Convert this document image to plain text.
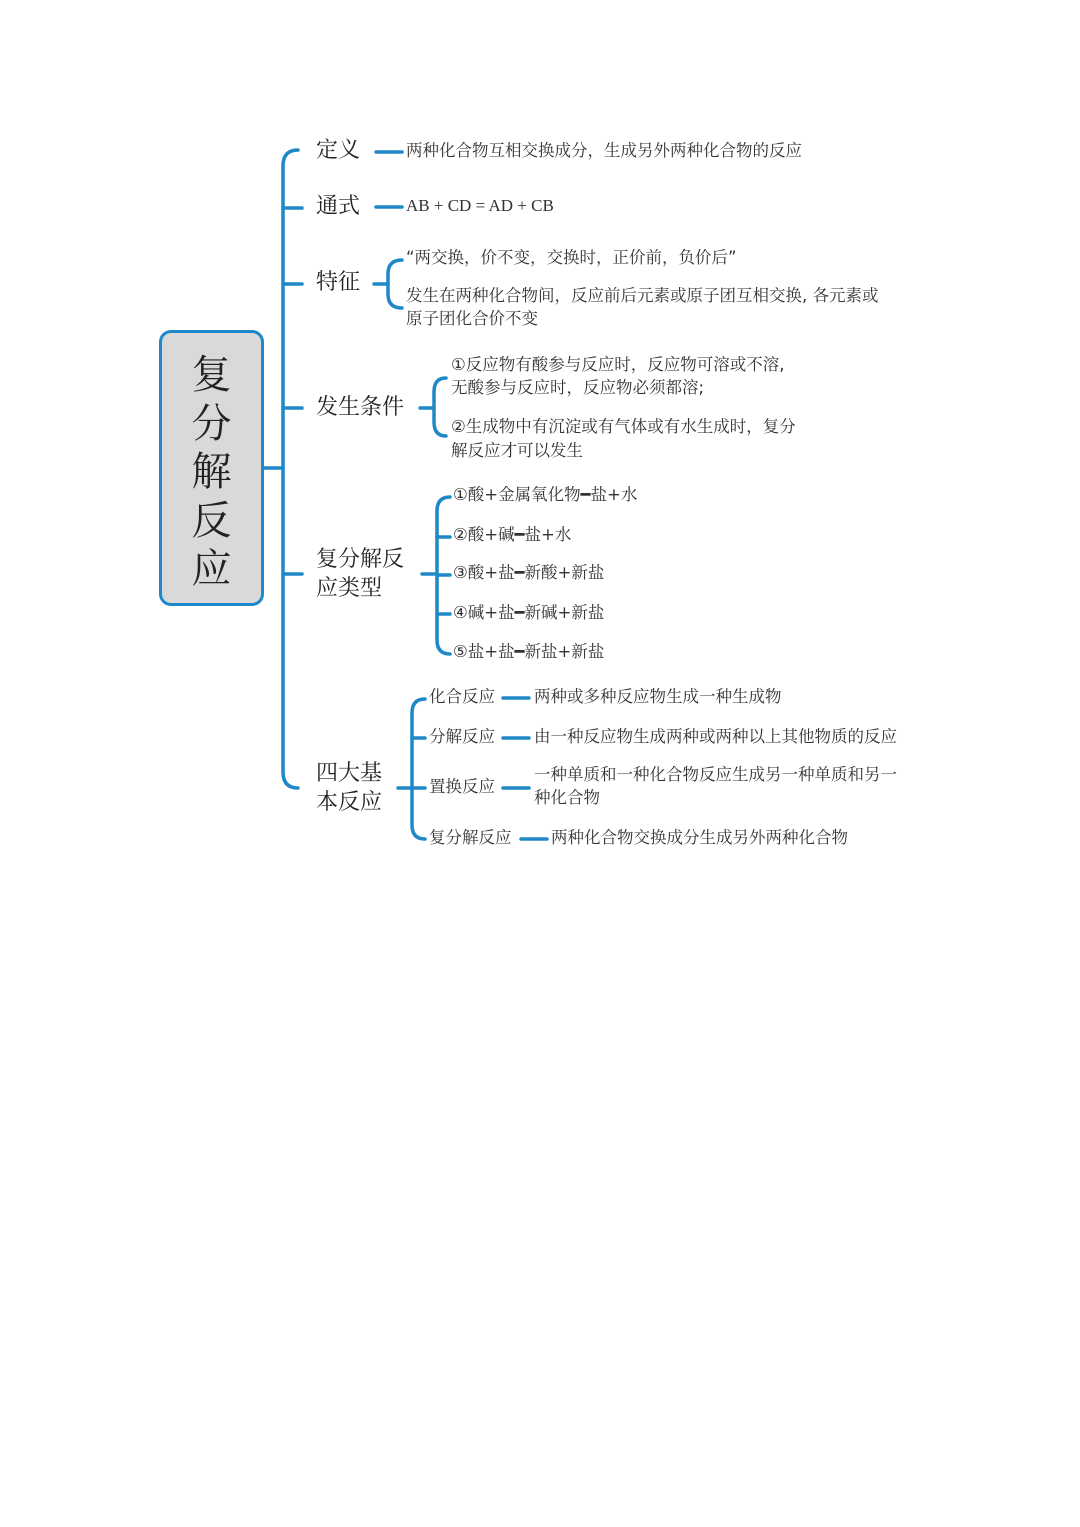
复
分
解
反
应
定义	两种化合物互相交换成分，生成另外两种化合物的反应
通式	AB + CD = AD + CB
特征
“两交换，价不变，交换时，正价前，负价后”
发生在两种化合物间，反应前后元素或原子团互相交换, 各元素或
原子团化合价不变
发生条件
①反应物有酸参与反应时，反应物可溶或不溶,
无酸参与反应时，反应物必须都溶;
②生成物中有沉淀或有气体或有水生成时，复分
解反应才可以发生
复分解反
应类型
①酸+金属氧化物━盐+水
②酸+碱━盐+水
③酸+盐━新酸+新盐
④碱+盐━新碱+新盐
⑤盐+盐━新盐+新盐
四大基
本反应
化合反应 两种或多种反应物生成一种生成物
分解反应 由一种反应物生成两种或两种以上其他物质的反应
置换反应
一种单质和一种化合物反应生成另一种单质和另一
种化合物
复分解反应 两种化合物交换成分生成另外两种化合物
